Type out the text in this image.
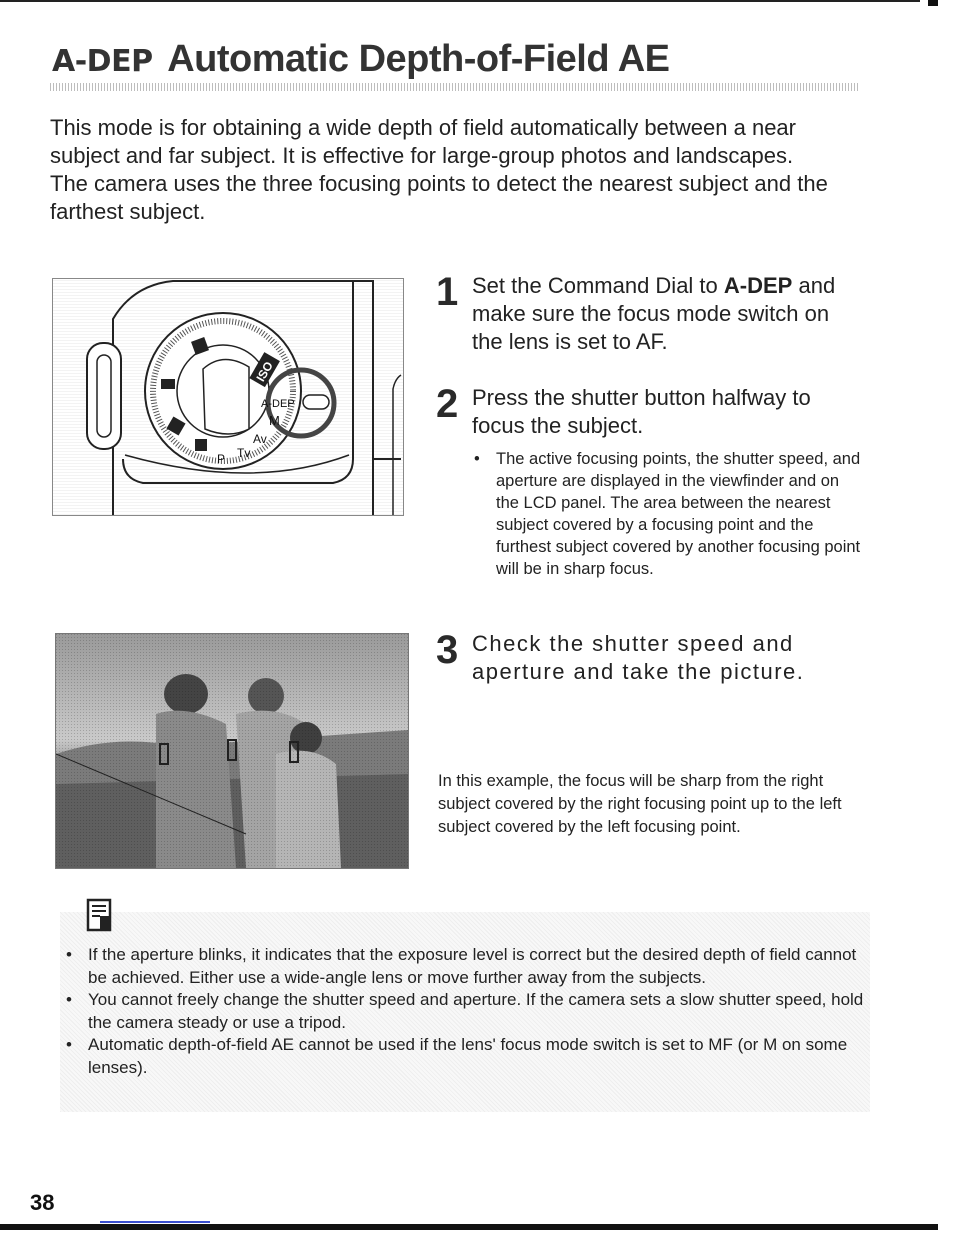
A-DEP Automatic Depth-of-Field AE

This mode is for obtaining a wide depth of field automatically between a near subject and far subject. It is effective for large-group photos and landscapes.

The camera uses the three focusing points to detect the nearest subject and the farthest subject.

A-DEP
M
Av
Tv
P
ISO
1 Set the Command Dial to A-DEP and make sure the focus mode switch on the lens is set to AF.
2 Press the shutter button halfway to focus the subject.
• The active focusing points, the shutter speed, and aperture are displayed in the viewfinder and on the LCD panel. The area between the nearest subject covered by a focusing point and the furthest subject covered by another focusing point will be in sharp focus.
3 Check the shutter speed and aperture and take the picture.
In this example, the focus will be sharp from the right subject covered by the right focusing point up to the left subject covered by the left focusing point.
• If the aperture blinks, it indicates that the exposure level is correct but the desired depth of field cannot be achieved. Either use a wide-angle lens or move further away from the subjects.
• You cannot freely change the shutter speed and aperture. If the camera sets a slow shutter speed, hold the camera steady or use a tripod.
• Automatic depth-of-field AE cannot be used if the lens' focus mode switch is set to MF (or M on some lenses).
38
